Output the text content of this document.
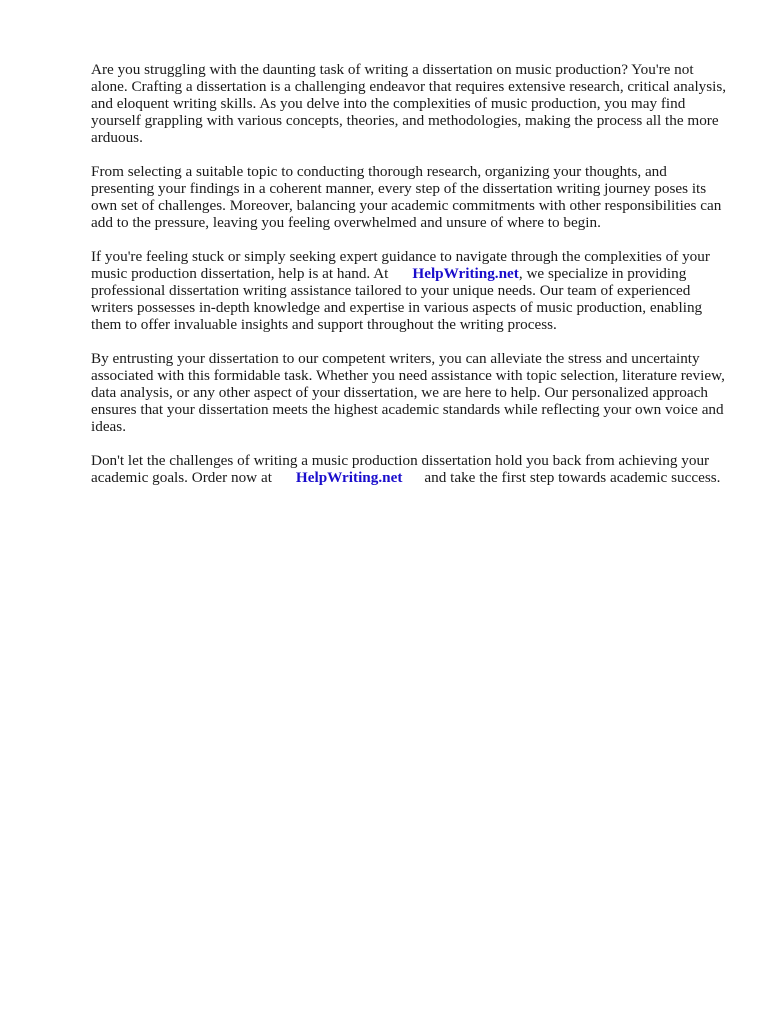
Are you struggling with the daunting task of writing a dissertation on music production? You're not alone. Crafting a dissertation is a challenging endeavor that requires extensive research, critical analysis, and eloquent writing skills. As you delve into the complexities of music production, you may find yourself grappling with various concepts, theories, and methodologies, making the process all the more arduous.

From selecting a suitable topic to conducting thorough research, organizing your thoughts, and presenting your findings in a coherent manner, every step of the dissertation writing journey poses its own set of challenges. Moreover, balancing your academic commitments with other responsibilities can add to the pressure, leaving you feeling overwhelmed and unsure of where to begin.

If you're feeling stuck or simply seeking expert guidance to navigate through the complexities of your music production dissertation, help is at hand. At HelpWriting.net, we specialize in providing professional dissertation writing assistance tailored to your unique needs. Our team of experienced writers possesses in-depth knowledge and expertise in various aspects of music production, enabling them to offer invaluable insights and support throughout the writing process.

By entrusting your dissertation to our competent writers, you can alleviate the stress and uncertainty associated with this formidable task. Whether you need assistance with topic selection, literature review, data analysis, or any other aspect of your dissertation, we are here to help. Our personalized approach ensures that your dissertation meets the highest academic standards while reflecting your own voice and ideas.

Don't let the challenges of writing a music production dissertation hold you back from achieving your academic goals. Order now at HelpWriting.net and take the first step towards academic success.
